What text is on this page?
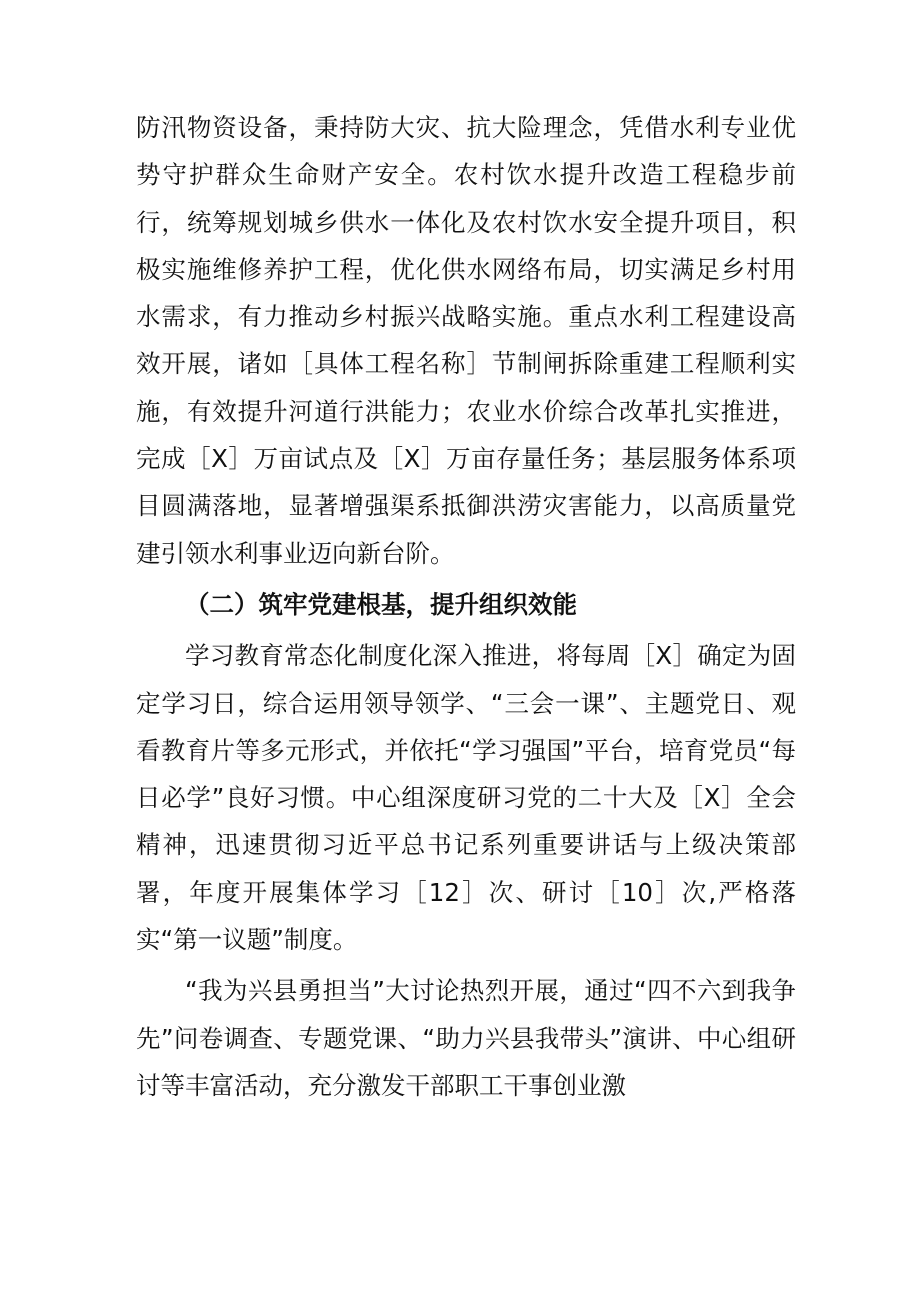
防汛物资设备，秉持防大灾、抗大险理念，凭借水利专业优势守护群众生命财产安全。农村饮水提升改造工程稳步前行，统筹规划城乡供水一体化及农村饮水安全提升项目，积极实施维修养护工程，优化供水网络布局，切实满足乡村用水需求，有力推动乡村振兴战略实施。重点水利工程建设高效开展，诸如［具体工程名称］节制闸拆除重建工程顺利实施，有效提升河道行洪能力；农业水价综合改革扎实推进，完成［X］万亩试点及［X］万亩存量任务；基层服务体系项目圆满落地，显著增强渠系抵御洪涝灾害能力，以高质量党建引领水利事业迈向新台阶。

（二）筑牢党建根基，提升组织效能

学习教育常态化制度化深入推进，将每周［X］确定为固定学习日，综合运用领导领学、“三会一课”、主题党日、观看教育片等多元形式，并依托“学习强国”平台，培育党员“每日必学”良好习惯。中心组深度研习党的二十大及［X］全会精神，迅速贯彻习近平总书记系列重要讲话与上级决策部署，年度开展集体学习［12］次、研讨［10］次,严格落实“第一议题”制度。

“我为兴县勇担当”大讨论热烈开展，通过“四不六到我争先”问卷调查、专题党课、“助力兴县我带头”演讲、中心组研讨等丰富活动，充分激发干部职工干事创业激
